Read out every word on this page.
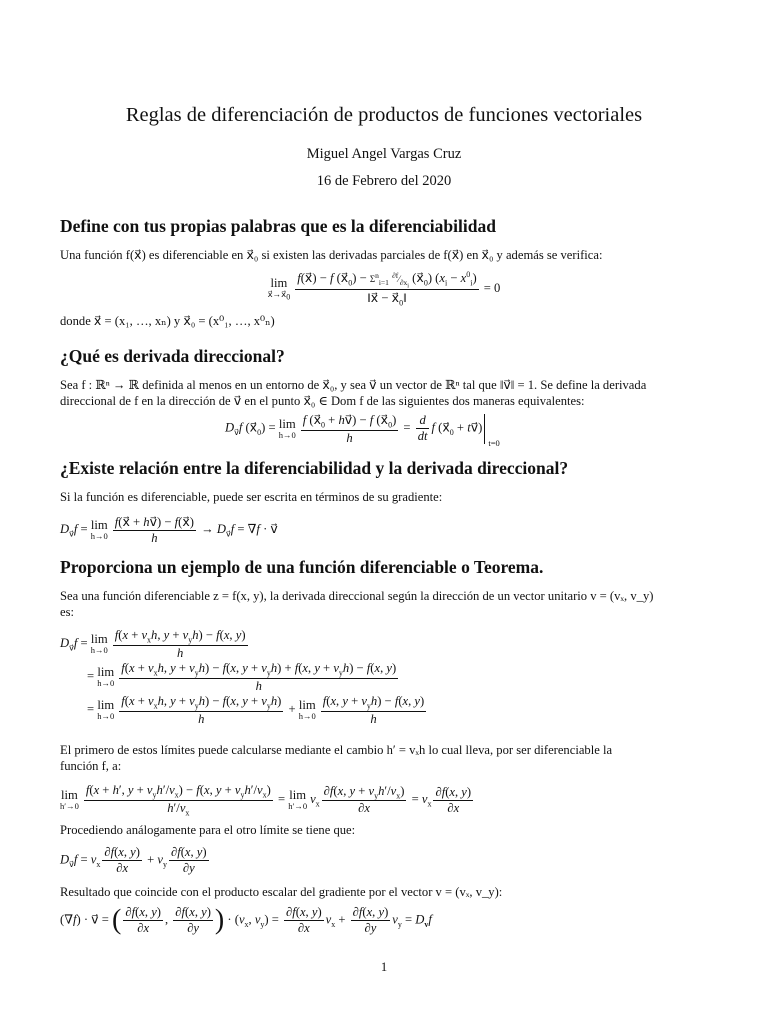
Reglas de diferenciación de productos de funciones vectoriales
Miguel Angel Vargas Cruz
16 de Febrero del 2020
Define con tus propias palabras que es la diferenciabilidad
Una función f(x⃗) es diferenciable en x⃗₀ si existen las derivadas parciales de f(x⃗) en x⃗₀ y además se verifica:
lim
$x⃗\to x⃗_0 \frac{f(x⃗) - f (x⃗_0) - \Sigma^n_{i=1} ^{\partial f}⁄_{\partial x_i} (x⃗_0) (x_i - x^0_i)}{‖x⃗ - x⃗_0‖} = 0$
donde x⃗ = (x₁, …, xₙ) y x⃗₀ = (x⁰₁, …, x⁰ₙ)
¿Qué es derivada direccional?
Sea f : ℝⁿ → ℝ definida al menos en un entorno de x⃗₀, y sea v⃗ un vector de ℝⁿ tal que ‖v⃗‖ = 1. Se define la derivada
direccional de f en la dirección de v⃗ en el punto x⃗₀ ∈ Dom f de las siguientes dos maneras equivalentes:
$D_{v⃗}f$ $(x⃗_0) = \lim$
$h\to 0 \frac{f (x⃗_0 + hv⃗) - f (x⃗_0)}{h} = \frac{d}{dt}$ f ($x⃗_0$ + tv⃗)
t=0
¿Existe relación entre la diferenciabilidad y la derivada direccional?
Si la función es diferenciable, puede ser escrita en términos de su gradiente:
$D_{v⃗}f = \lim$
$h\to 0 \frac{f(x⃗ + hv⃗) - f(x⃗)}{h} \to D_{v⃗}f = \nabla f$ · v⃗
Proporciona un ejemplo de una función diferenciable o Teorema.
Sea una función diferenciable z = f(x, y), la derivada direccional según la dirección de un vector unitario v = (vₓ, v_y)
es:
$D_{v⃗}f = \lim$
$h\to 0 \frac{f(x + v_xh, y + v_yh) - f(x, y)}{h}$
= lim
h→0
$f(x + v_xh$, $y + v_yh) - f(x$, $y + v_yh) + f(x$, $y + v_yh) - f(x$, y)
h
= lim
$h\to 0 \frac{f(x + v_xh, y + v_yh) - f(x, y + v_yh)}{h} + \lim$
$h\to 0 \frac{f(x, y + v_yh) - f(x, y)}{h}$
El primero de estos límites puede calcularse mediante el cambio h′ = vₓh lo cual lleva, por ser diferenciable la
función f, a:
lim
$h'\to 0 \frac{f(x + h', y + v_yh'/v_x) - f(x, y + v_yh'/v_x)}{h'/v_x} = \lim$
h′→0
$v_x \frac{\partial f(x, y + v_yh'/v_x)}{\partial x} = v_x \frac{\partial f(x, y)}{\partial x}$
Procediendo análogamente para el otro límite se tiene que:
$D_{v⃗}f = v_x \frac{\partial f(x, y)}{\partial x} + v_y \frac{\partial f(x, y)}{\partial y}$
Resultado que coincide con el producto escalar del gradiente por el vector v = (vₓ, v_y):
(∇f) · v⃗ = ( $\frac{\partial f(x, y)}{\partial x}$ , $\frac{\partial f(x, y)}{\partial y}$ ) · ($v_x$, $v_y) = \frac{\partial f(x, y)}{\partial x} v_x + \frac{\partial f(x, y)}{\partial y} v_y = D_vf$
1
